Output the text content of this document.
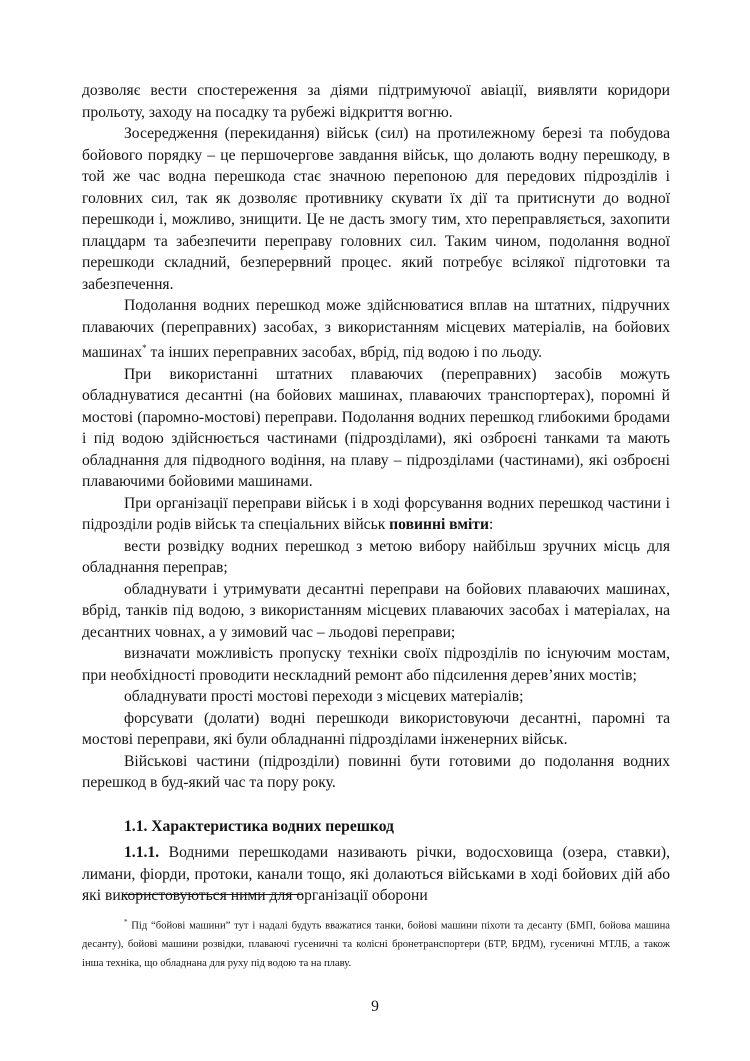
дозволяє вести спостереження за діями підтримуючої авіації, виявляти коридори прольоту, заходу на посадку та рубежі відкриття вогню.

Зосередження (перекидання) військ (сил) на протилежному березі та побудова бойового порядку – це першочергове завдання військ, що долають водну перешкоду, в той же час водна перешкода стає значною перепоною для передових підрозділів і головних сил, так як дозволяє противнику скувати їх дії та притиснути до водної перешкоди і, можливо, знищити. Це не дасть змогу тим, хто переправляється, захопити плацдарм та забезпечити переправу головних сил. Таким чином, подолання водної перешкоди складний, безперервний процес. який потребує всілякої підготовки та забезпечення.

Подолання водних перешкод може здійснюватися вплав на штатних, підручних плаваючих (переправних) засобах, з використанням місцевих матеріалів, на бойових машинах* та інших переправних засобах, вбрід, під водою і по льоду.

При використанні штатних плаваючих (переправних) засобів можуть обладнуватися десантні (на бойових машинах, плаваючих транспортерах), поромні й мостові (паромно-мостові) переправи. Подолання водних перешкод глибокими бродами і під водою здійснюється частинами (підрозділами), які озброєні танками та мають обладнання для підводного водіння, на плаву – підрозділами (частинами), які озброєні плаваючими бойовими машинами.

При організації переправи військ і в ході форсування водних перешкод частини і підрозділи родів військ та спеціальних військ повинні вміти:

вести розвідку водних перешкод з метою вибору найбільш зручних місць для обладнання переправ;

обладнувати і утримувати десантні переправи на бойових плаваючих машинах, вбрід, танків під водою, з використанням місцевих плаваючих засобах і матеріалах, на десантних човнах, а у зимовий час – льодові переправи;

визначати можливість пропуску техніки своїх підрозділів по існуючим мостам, при необхідності проводити нескладний ремонт або підсилення дерев’яних мостів;

обладнувати прості мостові переходи з місцевих матеріалів;

форсувати (долати) водні перешкоди використовуючи десантні, паромні та мостові переправи, які були обладнанні підрозділами інженерних військ.

Військові частини (підрозділи) повинні бути готовими до подолання водних перешкод в буд-який час та пору року.

1.1. Характеристика водних перешкод

1.1.1. Водними перешкодами називають річки, водосховища (озера, ставки), лимани, фіорди, протоки, канали тощо, які долаються військами в ході бойових дій або які використовуються ними для організації оборони

* Під “бойові машини” тут і надалі будуть вважатися танки, бойові машини піхоти та десанту (БМП, бойова машина десанту), бойові машини розвідки, плаваючі гусеничні та колісні бронетранспортери (БТР, БРДМ), гусеничні МТЛБ, а також інша техніка, що обладнана для руху під водою та на плаву.

9
